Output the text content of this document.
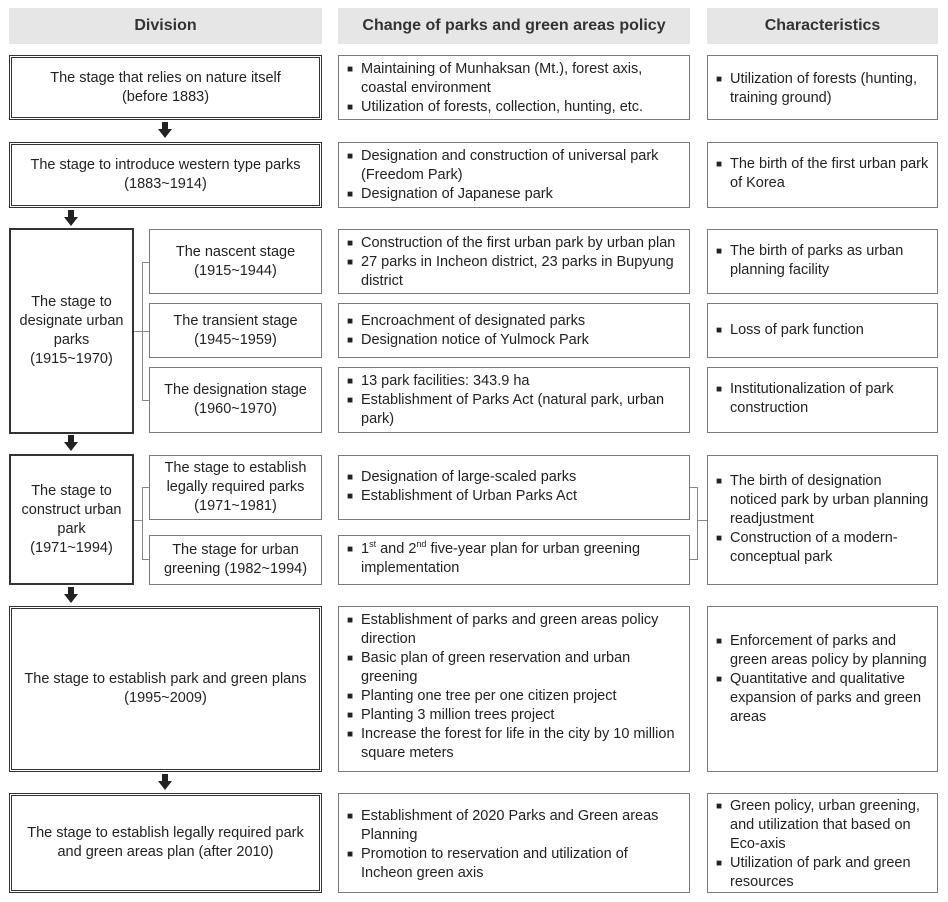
Division	Change of parks and green areas policy	Characteristics
The stage that relies on nature itself
(before 1883)
■ Maintaining of Munhaksan (Mt.), forest axis, coastal environment
■ Utilization of forests, collection, hunting, etc.
■ Utilization of forests (hunting, training ground)
The stage to introduce western type parks
(1883~1914)
■ Designation and construction of universal park (Freedom Park)
■ Designation of Japanese park
■ The birth of the first urban park of Korea
The stage to
designate urban
parks
(1915~1970)
The nascent stage
(1915~1944)
■ Construction of the first urban park by urban plan
■ 27 parks in Incheon district, 23 parks in Bupyung district
■ The birth of parks as urban planning facility
The transient stage
(1945~1959)
■ Encroachment of designated parks
■ Designation notice of Yulmock Park
■ Loss of park function
The designation stage
(1960~1970)
■ 13 park facilities: 343.9 ha
■ Establishment of Parks Act (natural park, urban park)
■ Institutionalization of park construction
The stage to
construct urban
park
(1971~1994)
The stage to establish
legally required parks
(1971~1981)
■ Designation of large-scaled parks
■ Establishment of Urban Parks Act
The stage for urban
greening (1982~1994)
■ 1st and 2nd five-year plan for urban greening implementation
■ The birth of designation noticed park by urban planning readjustment
■ Construction of a modern-conceptual park
The stage to establish park and green plans
(1995~2009)
■ Establishment of parks and green areas policy direction
■ Basic plan of green reservation and urban greening
■ Planting one tree per one citizen project
■ Planting 3 million trees project
■ Increase the forest for life in the city by 10 million square meters
■ Enforcement of parks and green areas policy by planning
■ Quantitative and qualitative expansion of parks and green areas
The stage to establish legally required park
and green areas plan (after 2010)
■ Establishment of 2020 Parks and Green areas Planning
■ Promotion to reservation and utilization of Incheon green axis
■ Green policy, urban greening, and utilization that based on Eco-axis
■ Utilization of park and green resources
